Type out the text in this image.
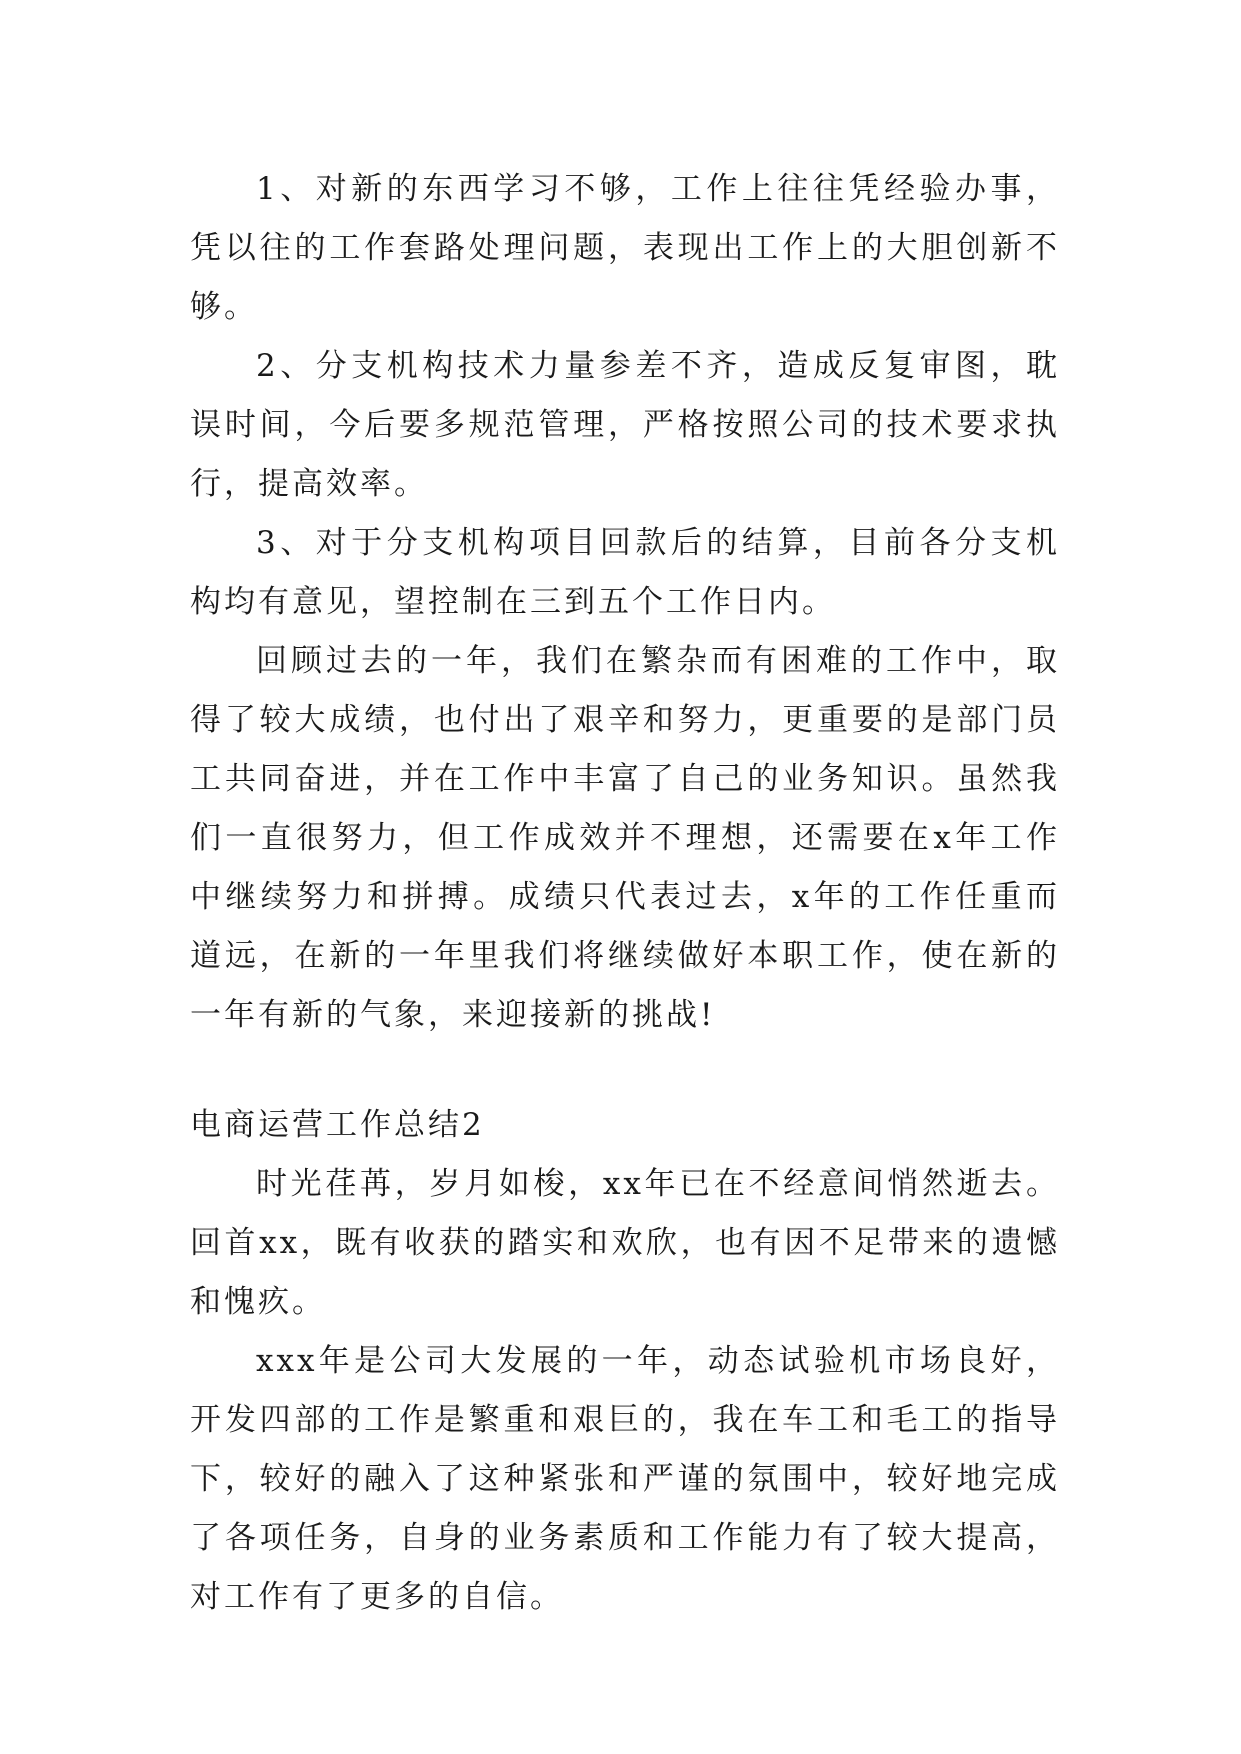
1、对新的东西学习不够，工作上往往凭经验办事，凭以往的工作套路处理问题，表现出工作上的大胆创新不够。

2、分支机构技术力量参差不齐，造成反复审图，耽误时间，今后要多规范管理，严格按照公司的技术要求执行，提高效率。

3、对于分支机构项目回款后的结算，目前各分支机构均有意见，望控制在三到五个工作日内。

回顾过去的一年，我们在繁杂而有困难的工作中，取得了较大成绩，也付出了艰辛和努力，更重要的是部门员工共同奋进，并在工作中丰富了自己的业务知识。虽然我们一直很努力，但工作成效并不理想，还需要在x年工作中继续努力和拼搏。成绩只代表过去，x年的工作任重而道远，在新的一年里我们将继续做好本职工作，使在新的一年有新的气象，来迎接新的挑战!

电商运营工作总结2

时光荏苒，岁月如梭，xx年已在不经意间悄然逝去。回首xx，既有收获的踏实和欢欣，也有因不足带来的遗憾和愧疚。

xxx年是公司大发展的一年，动态试验机市场良好，开发四部的工作是繁重和艰巨的，我在车工和毛工的指导下，较好的融入了这种紧张和严谨的氛围中，较好地完成了各项任务，自身的业务素质和工作能力有了较大提高，对工作有了更多的自信。
